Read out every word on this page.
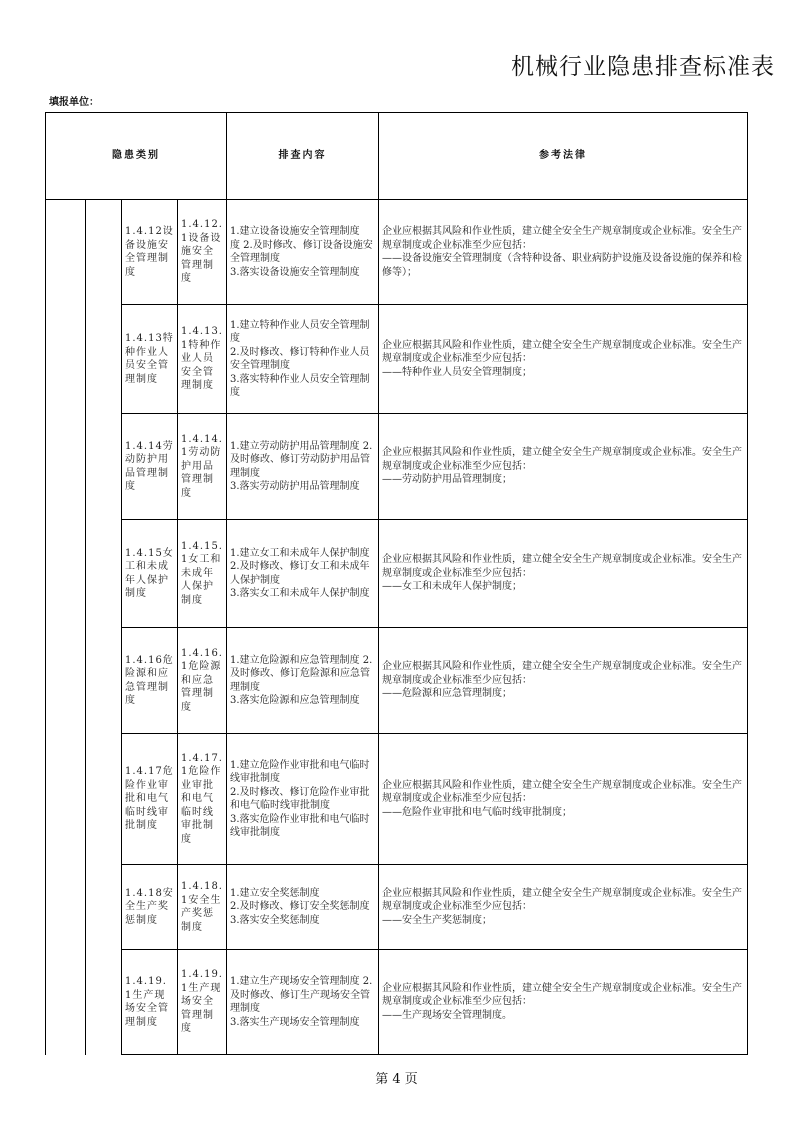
机械行业隐患排查标准表
填报单位：
隐患类别				排查内容	参考法律
		1.4.12设备设施安全管理制度	1.4.12.1设备设施安全管理制度	1.建立设备设施安全管理制度
度 2.及时修改、修订设备设施安全管理制度
3.落实设备设施安全管理制度	企业应根据其风险和作业性质，建立健全安全生产规章制度或企业标准。安全生产规章制度或企业标准至少应包括：
——设备设施安全管理制度（含特种设备、职业病防护设施及设备设施的保养和检修等）；
		1.4.13特种作业人员安全管理制度	1.4.13.1特种作业人员安全管理制度	1.建立特种作业人员安全管理制度
2.及时修改、修订特种作业人员安全管理制度
3.落实特种作业人员安全管理制度	企业应根据其风险和作业性质，建立健全安全生产规章制度或企业标准。安全生产规章制度或企业标准至少应包括：
——特种作业人员安全管理制度；
		1.4.14劳动防护用品管理制度	1.4.14.1劳动防护用品管理制度	1.建立劳动防护用品管理制度 2.及时修改、修订劳动防护用品管理制度
3.落实劳动防护用品管理制度	企业应根据其风险和作业性质，建立健全安全生产规章制度或企业标准。安全生产规章制度或企业标准至少应包括：
——劳动防护用品管理制度；
		1.4.15女工和未成年人保护制度	1.4.15.1女工和未成年人保护制度	1.建立女工和未成年人保护制度
2.及时修改、修订女工和未成年人保护制度
3.落实女工和未成年人保护制度	企业应根据其风险和作业性质，建立健全安全生产规章制度或企业标准。安全生产规章制度或企业标准至少应包括：
——女工和未成年人保护制度；
		1.4.16危险源和应急管理制度	1.4.16.1危险源和应急管理制度	1.建立危险源和应急管理制度 2.及时修改、修订危险源和应急管理制度
3.落实危险源和应急管理制度	企业应根据其风险和作业性质，建立健全安全生产规章制度或企业标准。安全生产规章制度或企业标准至少应包括：
——危险源和应急管理制度；
		1.4.17危险作业审批和电气临时线审批制度	1.4.17.1危险作业审批和电气临时线审批制度	1.建立危险作业审批和电气临时线审批制度
2.及时修改、修订危险作业审批和电气临时线审批制度
3.落实危险作业审批和电气临时线审批制度	企业应根据其风险和作业性质，建立健全安全生产规章制度或企业标准。安全生产规章制度或企业标准至少应包括：
——危险作业审批和电气临时线审批制度；
		1.4.18安全生产奖惩制度	1.4.18.1安全生产奖惩制度	1.建立安全奖惩制度
2.及时修改、修订安全奖惩制度
3.落实安全奖惩制度	企业应根据其风险和作业性质，建立健全安全生产规章制度或企业标准。安全生产规章制度或企业标准至少应包括：
——安全生产奖惩制度；
		1.4.19.1生产现场安全管理制度	1.4.19.1生产现场安全管理制度	1.建立生产现场安全管理制度 2.及时修改、修订生产现场安全管理制度
3.落实生产现场安全管理制度	企业应根据其风险和作业性质，建立健全安全生产规章制度或企业标准。安全生产规章制度或企业标准至少应包括：
——生产现场安全管理制度。
第 4 页
